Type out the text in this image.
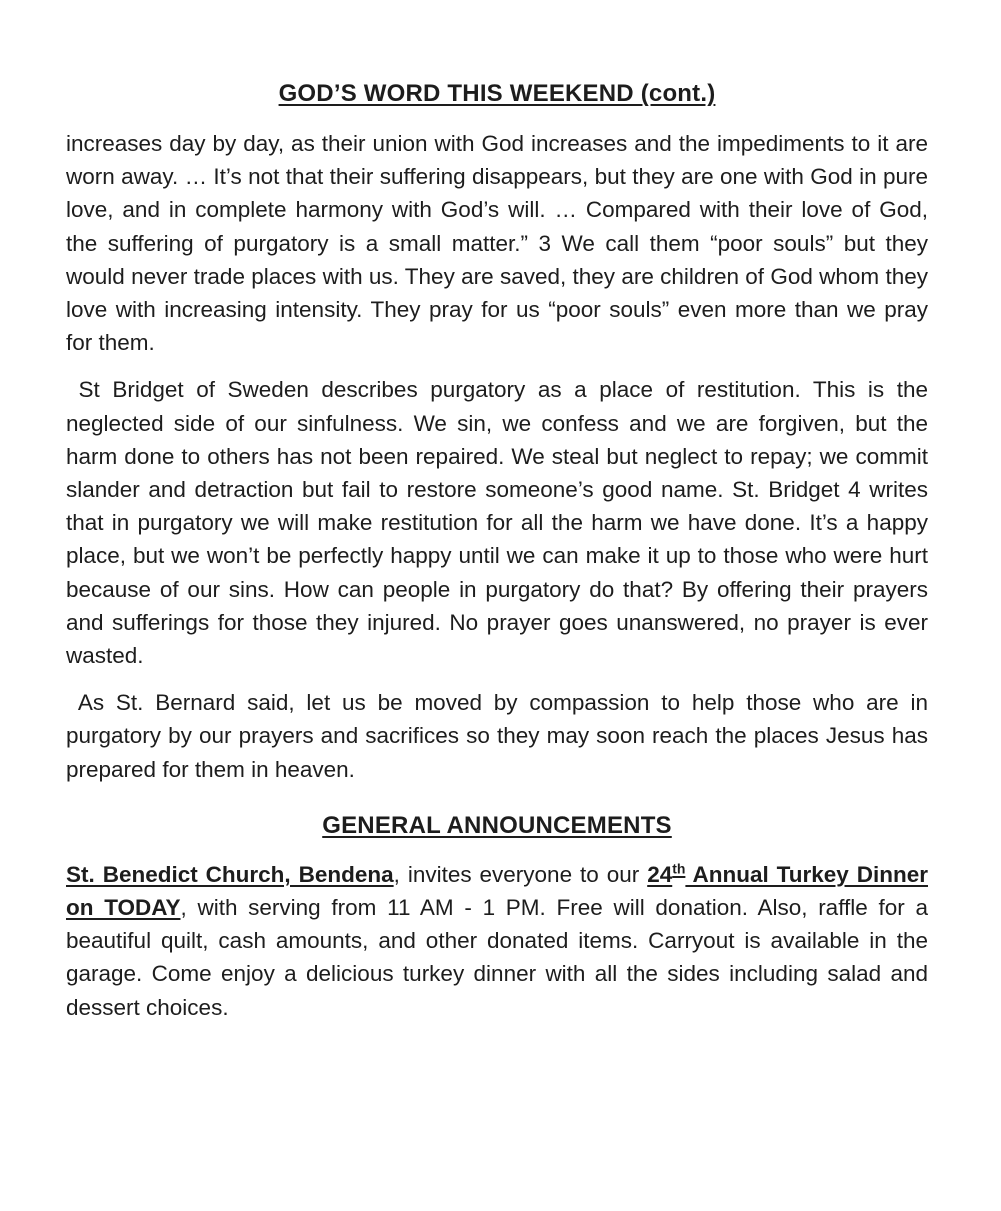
GOD’S WORD THIS WEEKEND (cont.)

increases day by day, as their union with God increases and the impediments to it are worn away. … It’s not that their suffering disappears, but they are one with God in pure love, and in complete harmony with God’s will. … Compared with their love of God, the suffering of purgatory is a small matter.” 3 We call them “poor souls” but they would never trade places with us. They are saved, they are children of God whom they love with increasing intensity. They pray for us “poor souls” even more than we pray for them.

St Bridget of Sweden describes purgatory as a place of restitution. This is the neglected side of our sinfulness. We sin, we confess and we are forgiven, but the harm done to others has not been repaired. We steal but neglect to repay; we commit slander and detraction but fail to restore someone’s good name. St. Bridget 4 writes that in purgatory we will make restitution for all the harm we have done. It’s a happy place, but we won’t be perfectly happy until we can make it up to those who were hurt because of our sins. How can people in purgatory do that? By offering their prayers and sufferings for those they injured. No prayer goes unanswered, no prayer is ever wasted.

As St. Bernard said, let us be moved by compassion to help those who are in purgatory by our prayers and sacrifices so they may soon reach the places Jesus has prepared for them in heaven.

GENERAL ANNOUNCEMENTS

St. Benedict Church, Bendena, invites everyone to our 24th Annual Turkey Dinner on TODAY, with serving from 11 AM - 1 PM. Free will donation. Also, raffle for a beautiful quilt, cash amounts, and other donated items. Carryout is available in the garage. Come enjoy a delicious turkey dinner with all the sides including salad and dessert choices.
